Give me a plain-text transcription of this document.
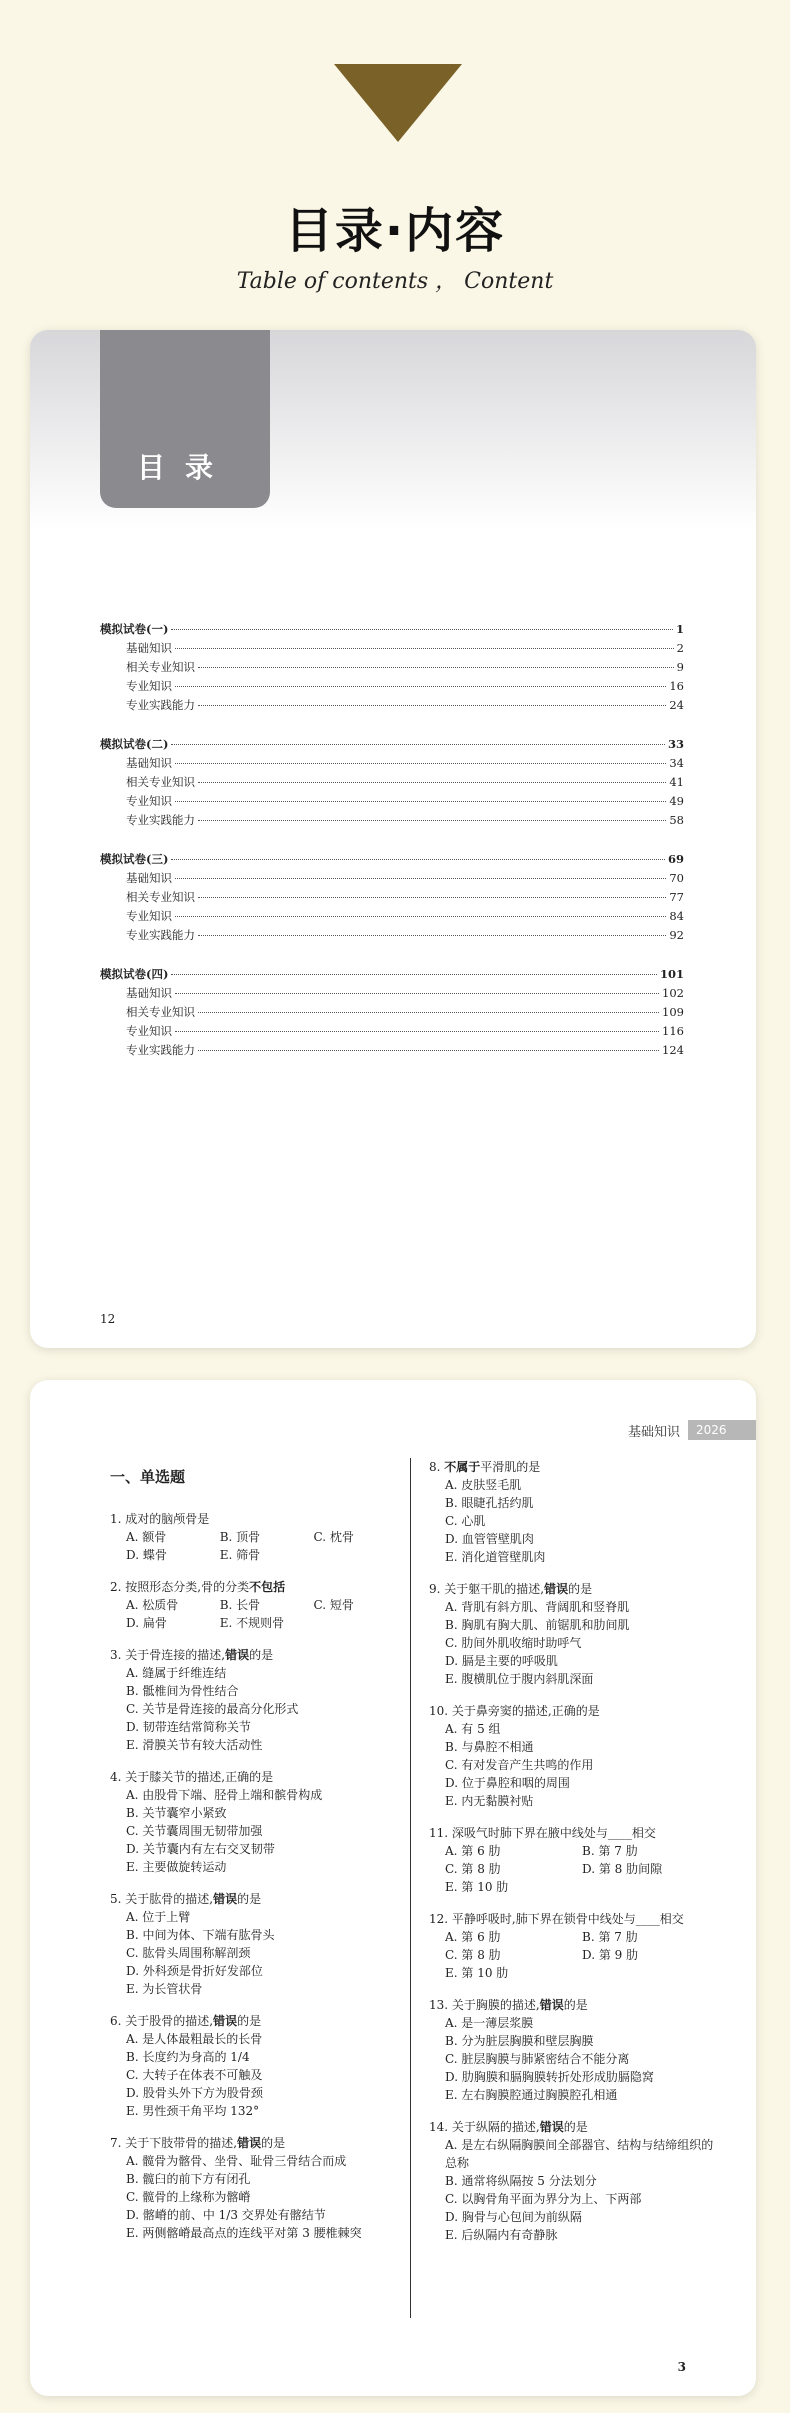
目录·内容
Table of contents ， Content
目录
模拟试卷(一)	1
基础知识	2
相关专业知识	9
专业知识	16
专业实践能力	24
模拟试卷(二)	33
基础知识	34
相关专业知识	41
专业知识	49
专业实践能力	58
模拟试卷(三)	69
基础知识	70
相关专业知识	77
专业知识	84
专业实践能力	92
模拟试卷(四)	101
基础知识	102
相关专业知识	109
专业知识	116
专业实践能力	124
12
基础知识	2026
一、单选题
1. 成对的脑颅骨是
A. 额骨	B. 顶骨	C. 枕骨
D. 蝶骨	E. 筛骨
2. 按照形态分类,骨的分类不包括
A. 松质骨	B. 长骨	C. 短骨
D. 扁骨	E. 不规则骨
3. 关于骨连接的描述,错误的是
A. 缝属于纤维连结
B. 骶椎间为骨性结合
C. 关节是骨连接的最高分化形式
D. 韧带连结常简称关节
E. 滑膜关节有较大活动性
4. 关于膝关节的描述,正确的是
A. 由股骨下端、胫骨上端和髌骨构成
B. 关节囊窄小紧致
C. 关节囊周围无韧带加强
D. 关节囊内有左右交叉韧带
E. 主要做旋转运动
5. 关于肱骨的描述,错误的是
A. 位于上臂
B. 中间为体、下端有肱骨头
C. 肱骨头周围称解剖颈
D. 外科颈是骨折好发部位
E. 为长管状骨
6. 关于股骨的描述,错误的是
A. 是人体最粗最长的长骨
B. 长度约为身高的 1/4
C. 大转子在体表不可触及
D. 股骨头外下方为股骨颈
E. 男性颈干角平均 132°
7. 关于下肢带骨的描述,错误的是
A. 髋骨为髂骨、坐骨、耻骨三骨结合而成
B. 髋臼的前下方有闭孔
C. 髋骨的上缘称为髂嵴
D. 髂嵴的前、中 1/3 交界处有髂结节
E. 两侧髂嵴最高点的连线平对第 3 腰椎棘突
8. 不属于平滑肌的是
A. 皮肤竖毛肌
B. 眼睫孔括约肌
C. 心肌
D. 血管管壁肌肉
E. 消化道管壁肌肉
9. 关于躯干肌的描述,错误的是
A. 背肌有斜方肌、背阔肌和竖脊肌
B. 胸肌有胸大肌、前锯肌和肋间肌
C. 肋间外肌收缩时助呼气
D. 膈是主要的呼吸肌
E. 腹横肌位于腹内斜肌深面
10. 关于鼻旁窦的描述,正确的是
A. 有 5 组
B. 与鼻腔不相通
C. 有对发音产生共鸣的作用
D. 位于鼻腔和咽的周围
E. 内无黏膜衬贴
11. 深吸气时肺下界在腋中线处与____相交
A. 第 6 肋	B. 第 7 肋
C. 第 8 肋	D. 第 8 肋间隙
E. 第 10 肋
12. 平静呼吸时,肺下界在锁骨中线处与____相交
A. 第 6 肋	B. 第 7 肋
C. 第 8 肋	D. 第 9 肋
E. 第 10 肋
13. 关于胸膜的描述,错误的是
A. 是一薄层浆膜
B. 分为脏层胸膜和壁层胸膜
C. 脏层胸膜与肺紧密结合不能分离
D. 肋胸膜和膈胸膜转折处形成肋膈隐窝
E. 左右胸膜腔通过胸膜腔孔相通
14. 关于纵隔的描述,错误的是
A. 是左右纵隔胸膜间全部器官、结构与结缔组织的总称
B. 通常将纵隔按 5 分法划分
C. 以胸骨角平面为界分为上、下两部
D. 胸骨与心包间为前纵隔
E. 后纵隔内有奇静脉
3
